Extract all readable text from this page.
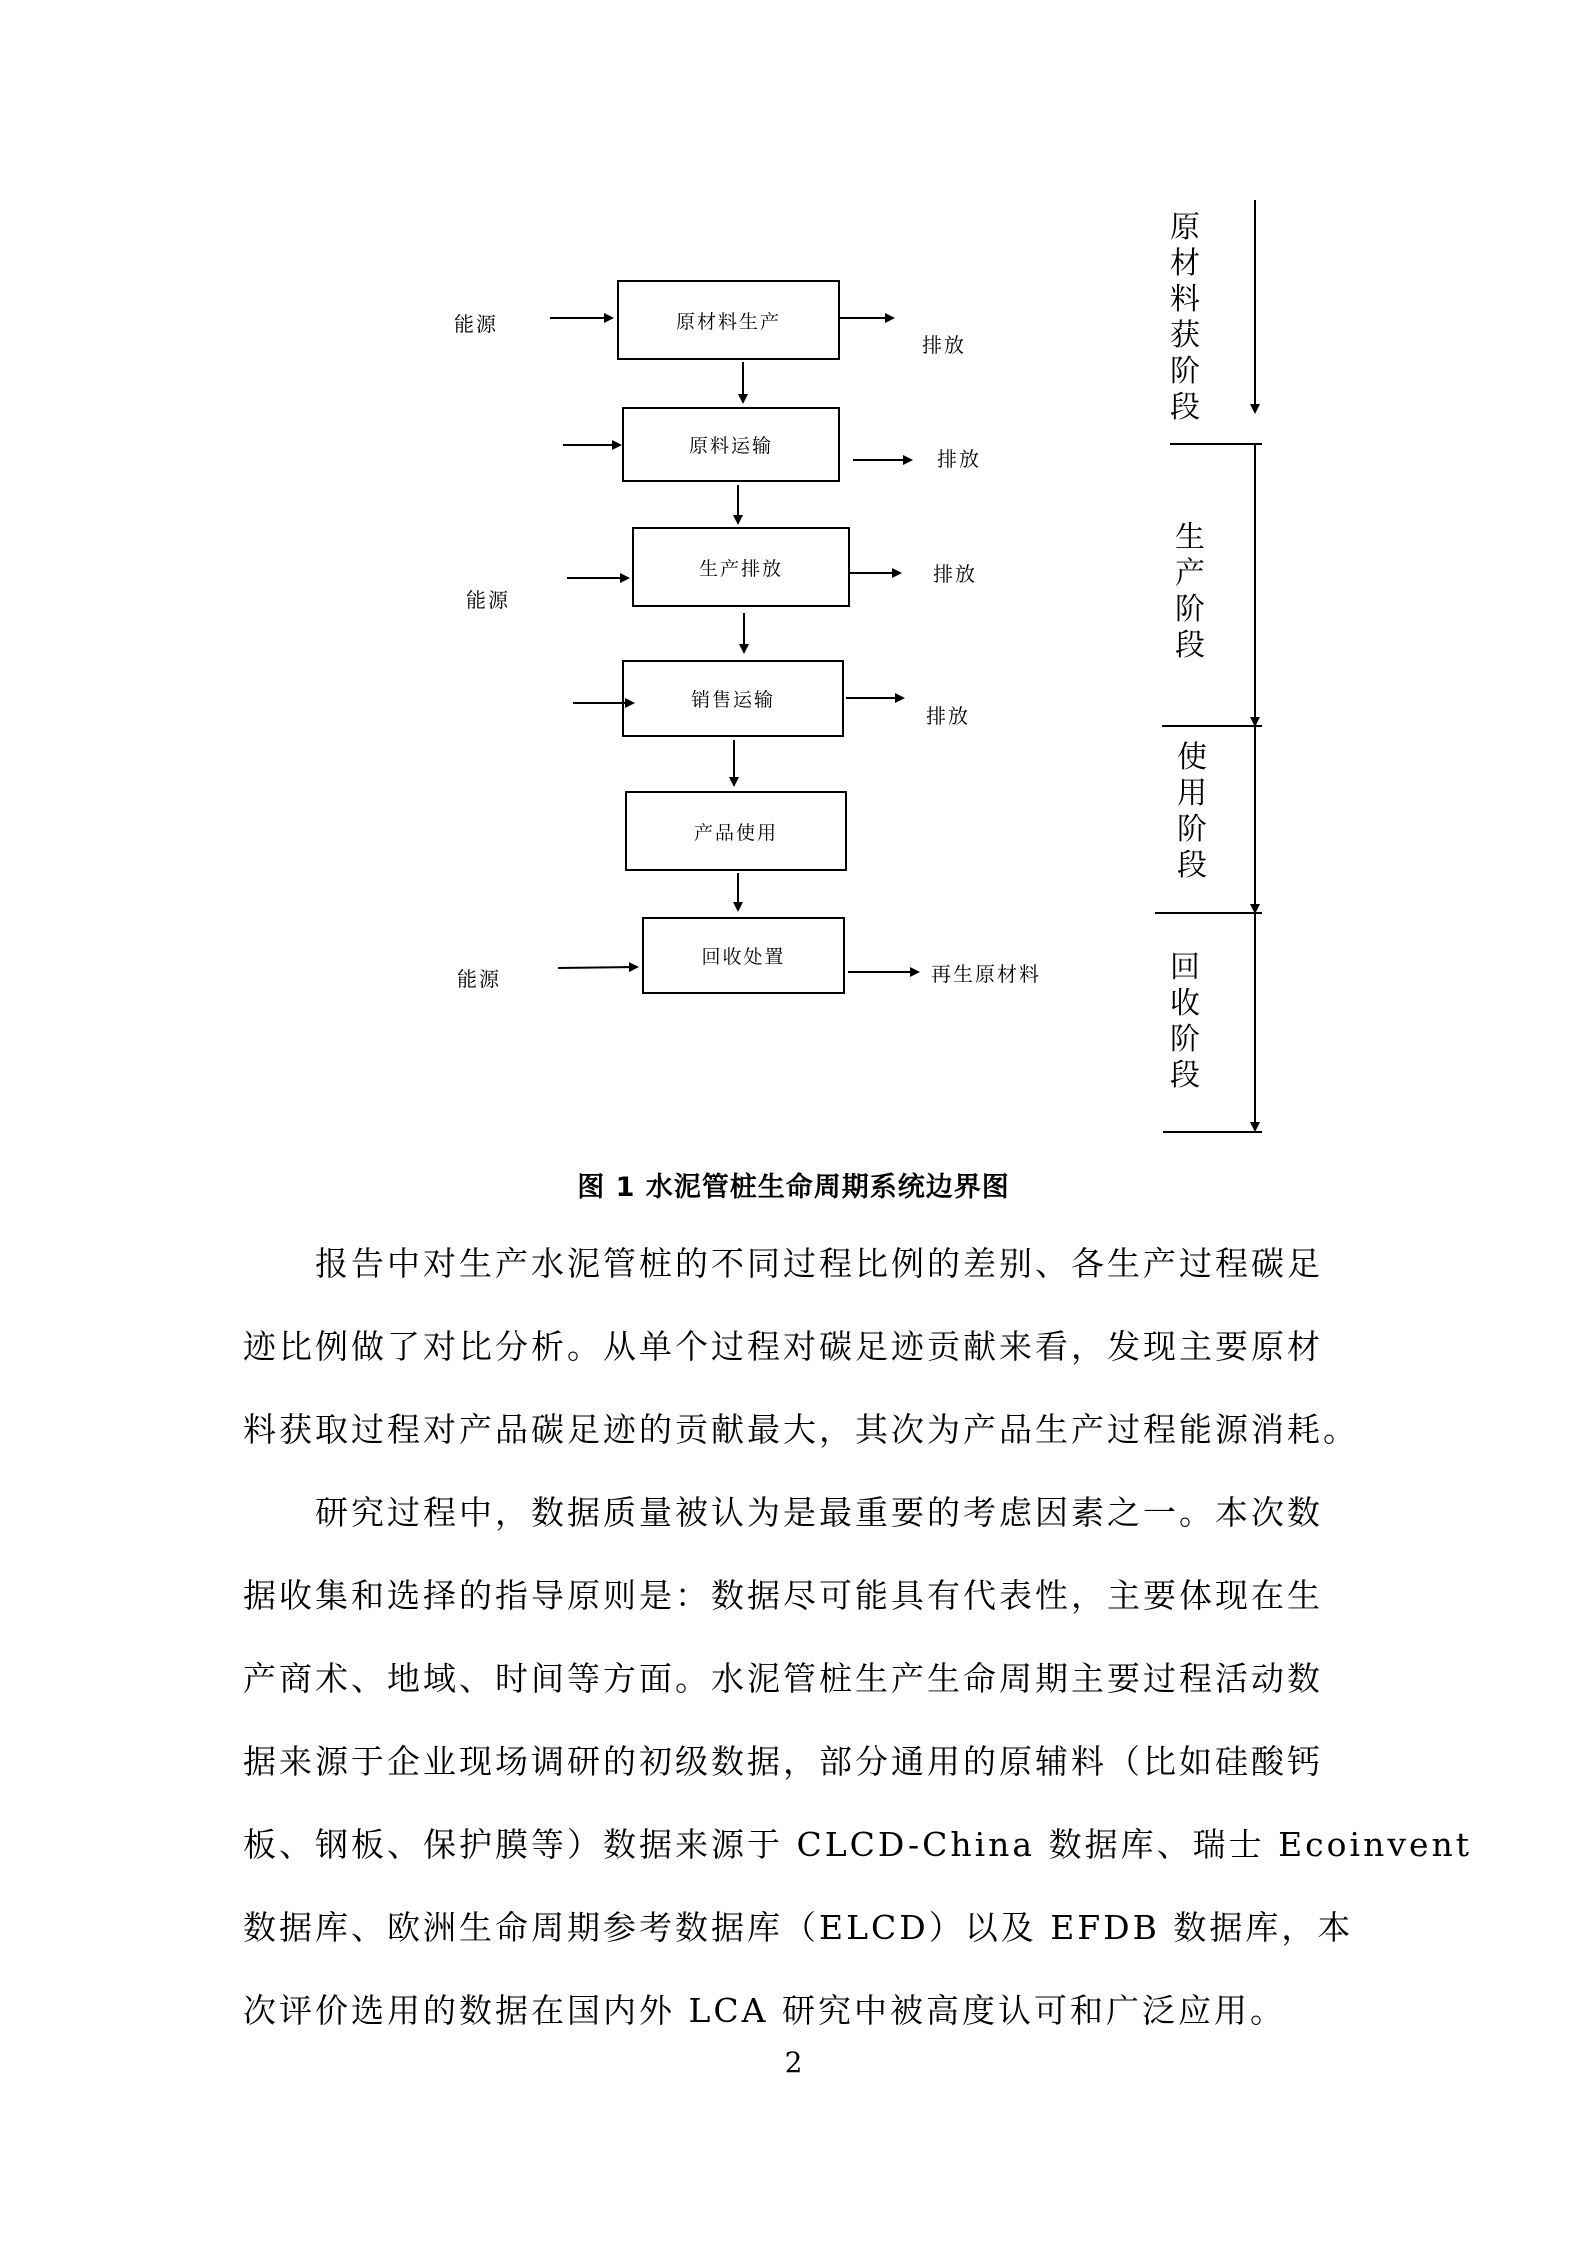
原材料生产
原料运输
生产排放
销售运输
产品使用
回收处置
能源
能源
能源
排放
排放
排放
排放
再生原材料
原材料获阶段
生产阶段
使用阶段
回收阶段
图 1 水泥管桩生命周期系统边界图
报告中对生产水泥管桩的不同过程比例的差别、各生产过程碳足
迹比例做了对比分析。从单个过程对碳足迹贡献来看，发现主要原材
料获取过程对产品碳足迹的贡献最大，其次为产品生产过程能源消耗。
研究过程中，数据质量被认为是最重要的考虑因素之一。本次数
据收集和选择的指导原则是：数据尽可能具有代表性，主要体现在生
产商术、地域、时间等方面。水泥管桩生产生命周期主要过程活动数
据来源于企业现场调研的初级数据，部分通用的原辅料（比如硅酸钙
板、钢板、保护膜等）数据来源于 CLCD-China 数据库、瑞士 Ecoinvent
数据库、欧洲生命周期参考数据库（ELCD）以及 EFDB 数据库，本
次评价选用的数据在国内外 LCA 研究中被高度认可和广泛应用。
2
